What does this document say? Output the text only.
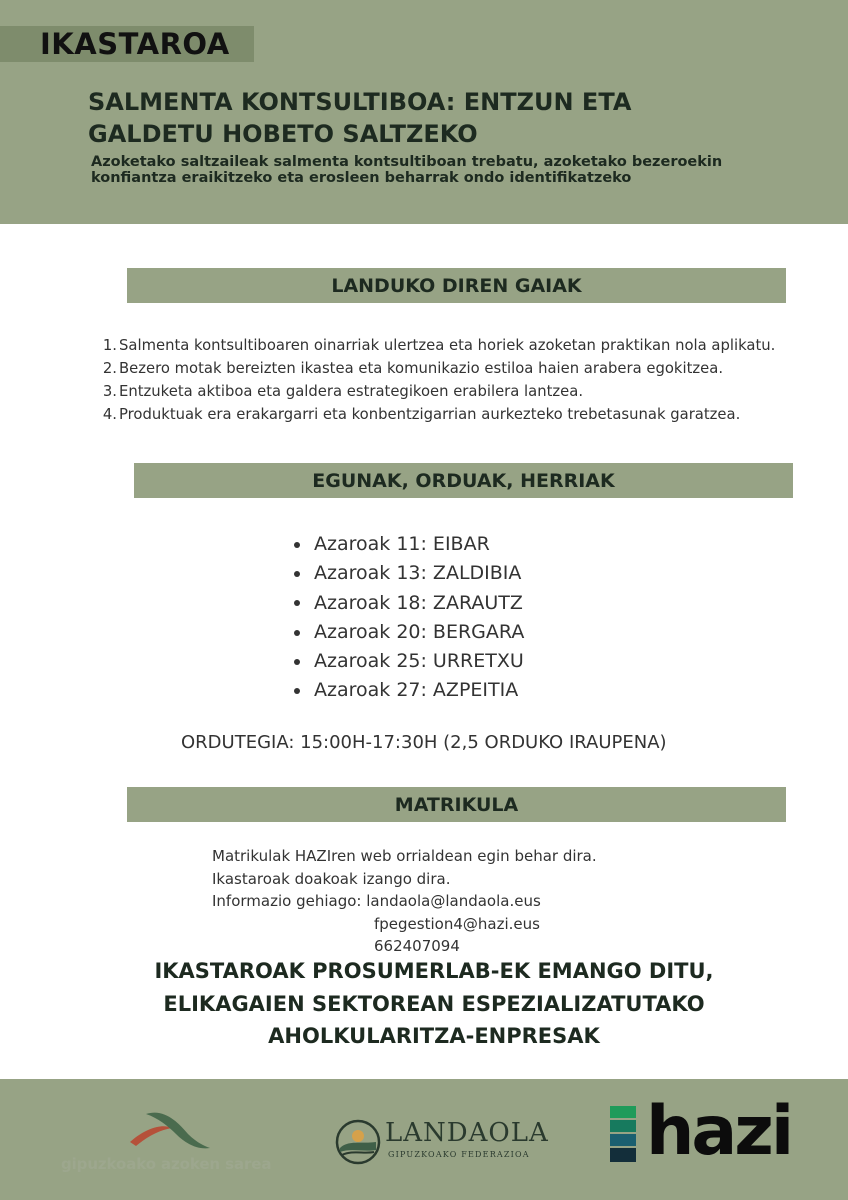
IKASTAROA
SALMENTA KONTSULTIBOA: ENTZUN ETA
GALDETU HOBETO SALTZEKO
Azoketako saltzaileak salmenta kontsultiboan trebatu, azoketako bezeroekin
konfiantza eraikitzeko eta erosleen beharrak ondo identifikatzeko
LANDUKO DIREN GAIAK
1. Salmenta kontsultiboaren oinarriak ulertzea eta horiek azoketan praktikan nola aplikatu.
2. Bezero motak bereizten ikastea eta komunikazio estiloa haien arabera egokitzea.
3. Entzuketa aktiboa eta galdera estrategikoen erabilera lantzea.
4. Produktuak era erakargarri eta konbentzigarrian aurkezteko trebetasunak garatzea.
EGUNAK, ORDUAK, HERRIAK
Azaroak 11: EIBAR
Azaroak 13: ZALDIBIA
Azaroak 18: ZARAUTZ
Azaroak 20: BERGARA
Azaroak 25: URRETXU
Azaroak 27: AZPEITIA
ORDUTEGIA: 15:00H-17:30H (2,5 ORDUKO IRAUPENA)
MATRIKULA
Matrikulak HAZIren web orrialdean egin behar dira.
Ikastaroak doakoak izango dira.
Informazio gehiago: landaola@landaola.eus
fpegestion4@hazi.eus
662407094
IKASTAROAK PROSUMERLAB-EK EMANGO DITU,
ELIKAGAIEN SEKTOREAN ESPEZIALIZATUTAKO
AHOLKULARITZA-ENPRESAK
gipuzkoako azoken sarea
LANDAOLA
GIPUZKOAKO FEDERAZIOA hazi
